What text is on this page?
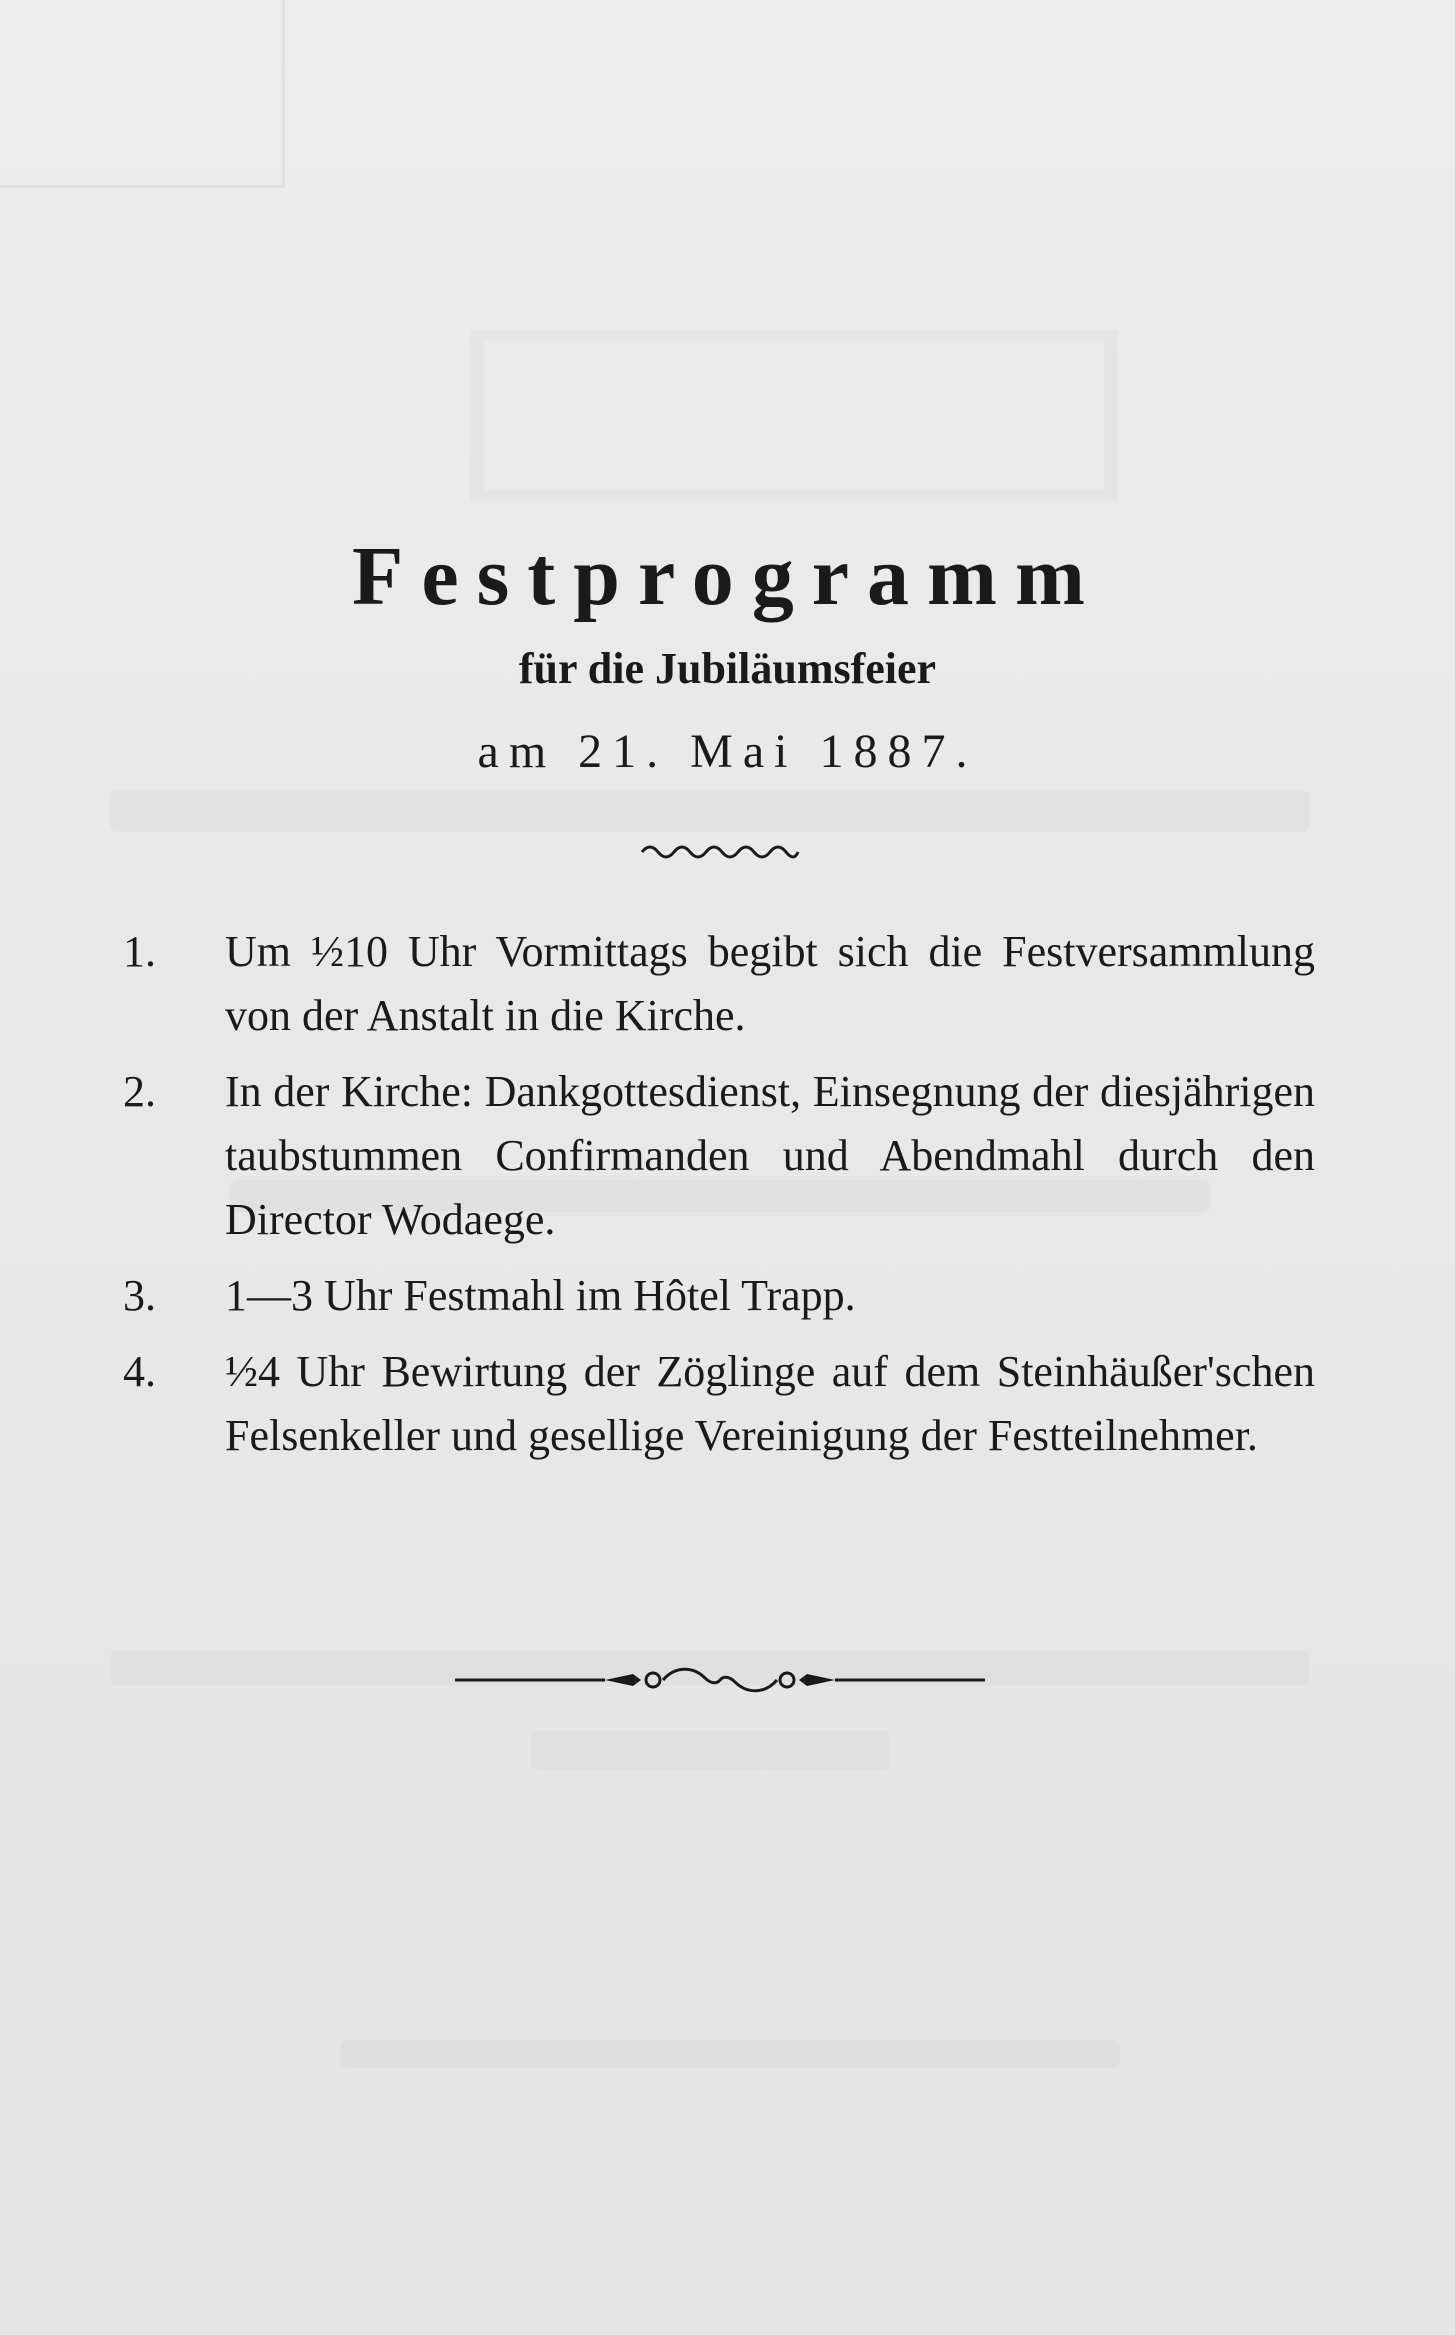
Festprogramm
für die Jubiläumsfeier
am 21. Mai 1887.
1.	Um ½10 Uhr Vormittags begibt sich die Festversammlung von der Anstalt in die Kirche.
2.	In der Kirche: Dankgottesdienst, Einsegnung der diesjährigen taubstummen Confirmanden und Abendmahl durch den Director Wodaege.
3.	1—3 Uhr Festmahl im Hôtel Trapp.
4.	½4 Uhr Bewirtung der Zöglinge auf dem Steinhäußer'schen Felsenkeller und gesellige Vereinigung der Festteilnehmer.
